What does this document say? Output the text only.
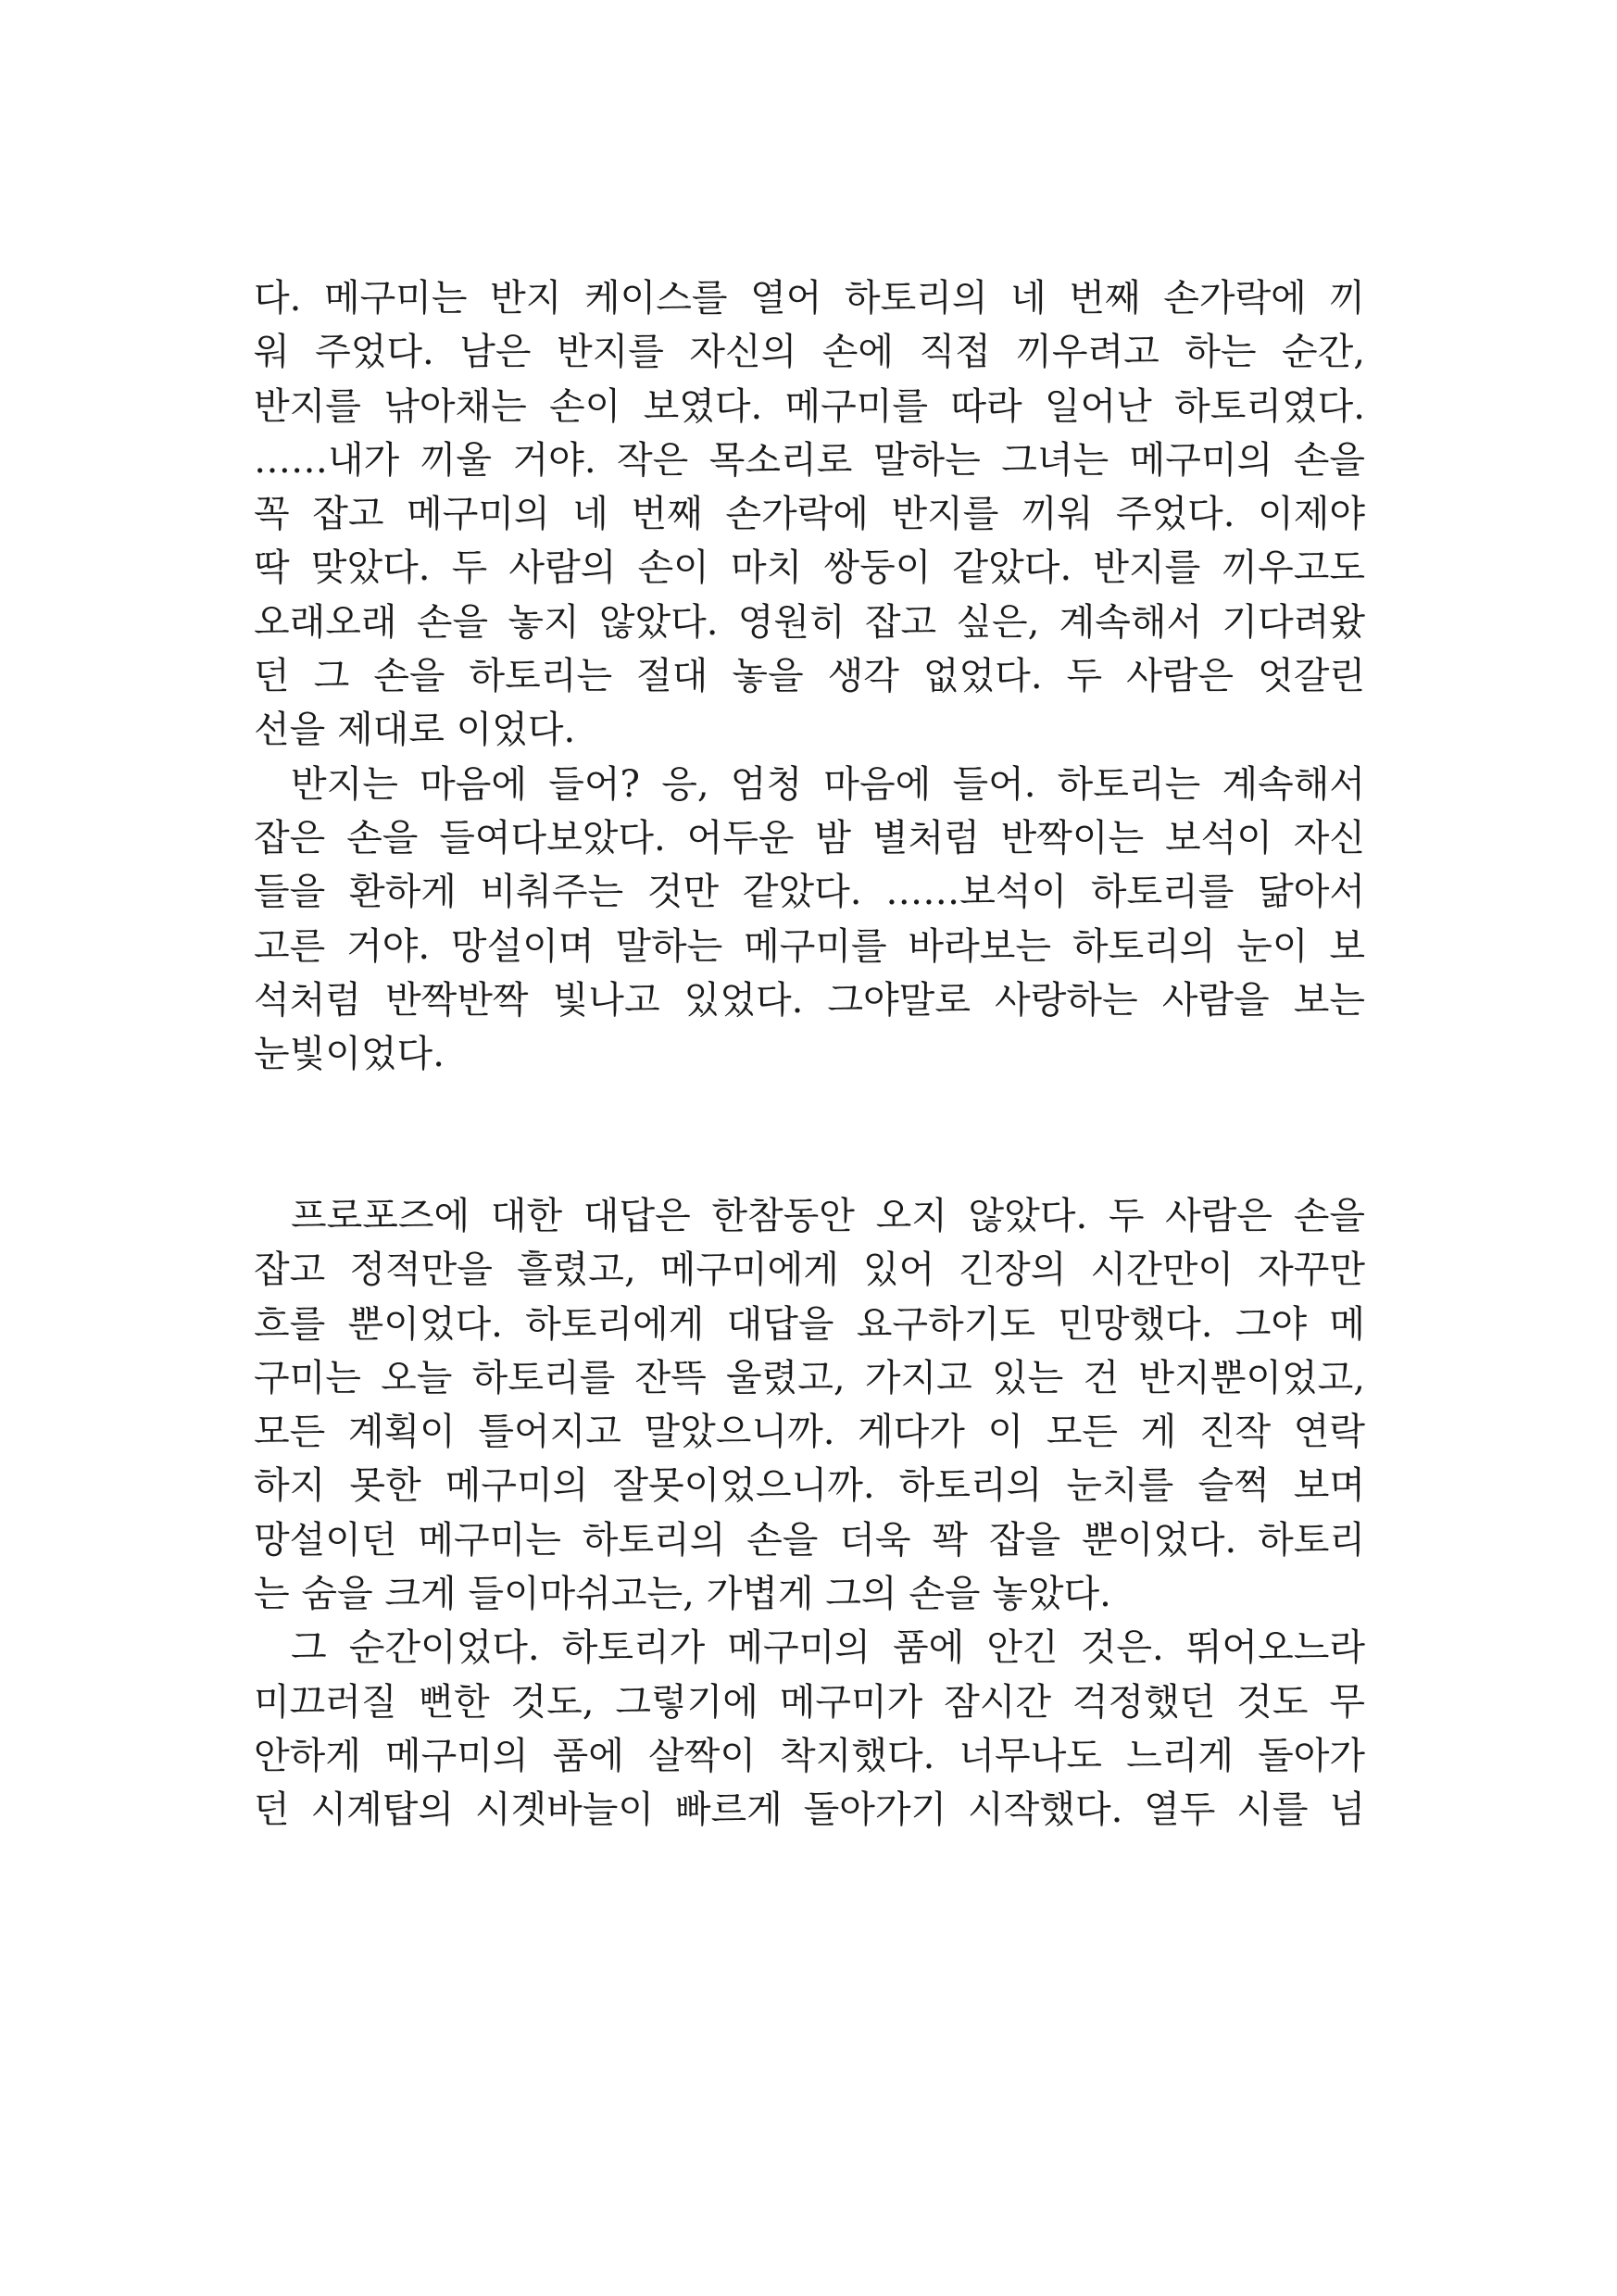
다. 메구미는 반지 케이스를 열어 하토리의 네 번째 손가락에 끼
워 주었다. 남은 반지를 자신의 손에 직접 끼우려고 하는 순간,
반지를 낚아채는 손이 보였다. 메구미를 따라 일어난 하토리였다.
……내가 끼울 거야. 작은 목소리로 말하는 그녀는 메구미의 손을
꼭 잡고 메구미의 네 번째 손가락에 반지를 끼워 주었다. 이제야
딱 맞았다. 두 사람의 손이 마치 쌍둥이 같았다. 반지를 끼우고도
오래오래 손을 놓지 않았다. 영원히 잡고 싶은, 계속해서 기다려왔
던 그 손을 하토리는 절대 놓을 생각 없었다. 두 사람은 엇갈린
선을 제대로 이었다.
반지는 마음에 들어? 응, 엄청 마음에 들어. 하토리는 계속해서
잡은 손을 들여다보았다. 어두운 밤 별처럼 반짝이는 보석이 자신
들을 환하게 비춰주는 것만 같았다. ……보석이 하토리를 닮아서
고른 거야. 망설이며 말하는 메구미를 바라보는 하토리의 눈이 보
석처럼 반짝반짝 빛나고 있었다. 그야말로 사랑하는 사람을 보는
눈빛이었다.
프로포즈에 대한 대답은 한참동안 오지 않았다. 두 사람은 손을
잡고 정적만을 흘렸고, 메구미에게 있어 긴장의 시간만이 자꾸만
흐를 뿐이었다. 하토리에게 대답을 요구하기도 민망했다. 그야 메
구미는 오늘 하토리를 잔뜩 울렸고, 가지고 있는 건 반지뿐이었고,
모든 계획이 틀어지고 말았으니까. 게다가 이 모든 게 진작 연락
하지 못한 메구미의 잘못이었으니까. 하토리의 눈치를 슬쩍 보며
망설이던 메구미는 하토리의 손을 더욱 꽉 잡을 뿐이었다. 하토리
는 숨을 크게 들이마쉬고는, 가볍게 그의 손을 놓았다.
그 순간이었다. 하토리가 메구미의 품에 안긴 것은. 뛰어오느라
미끄러질 뻔한 것도, 그렇기에 메구미가 잠시간 걱정했던 것도 무
안하게 메구미의 품에 살짝이 착지했다. 너무나도 느리게 돌아가
던 시계탑의 시곗바늘이 빠르게 돌아가기 시작했다. 열두 시를 넘
